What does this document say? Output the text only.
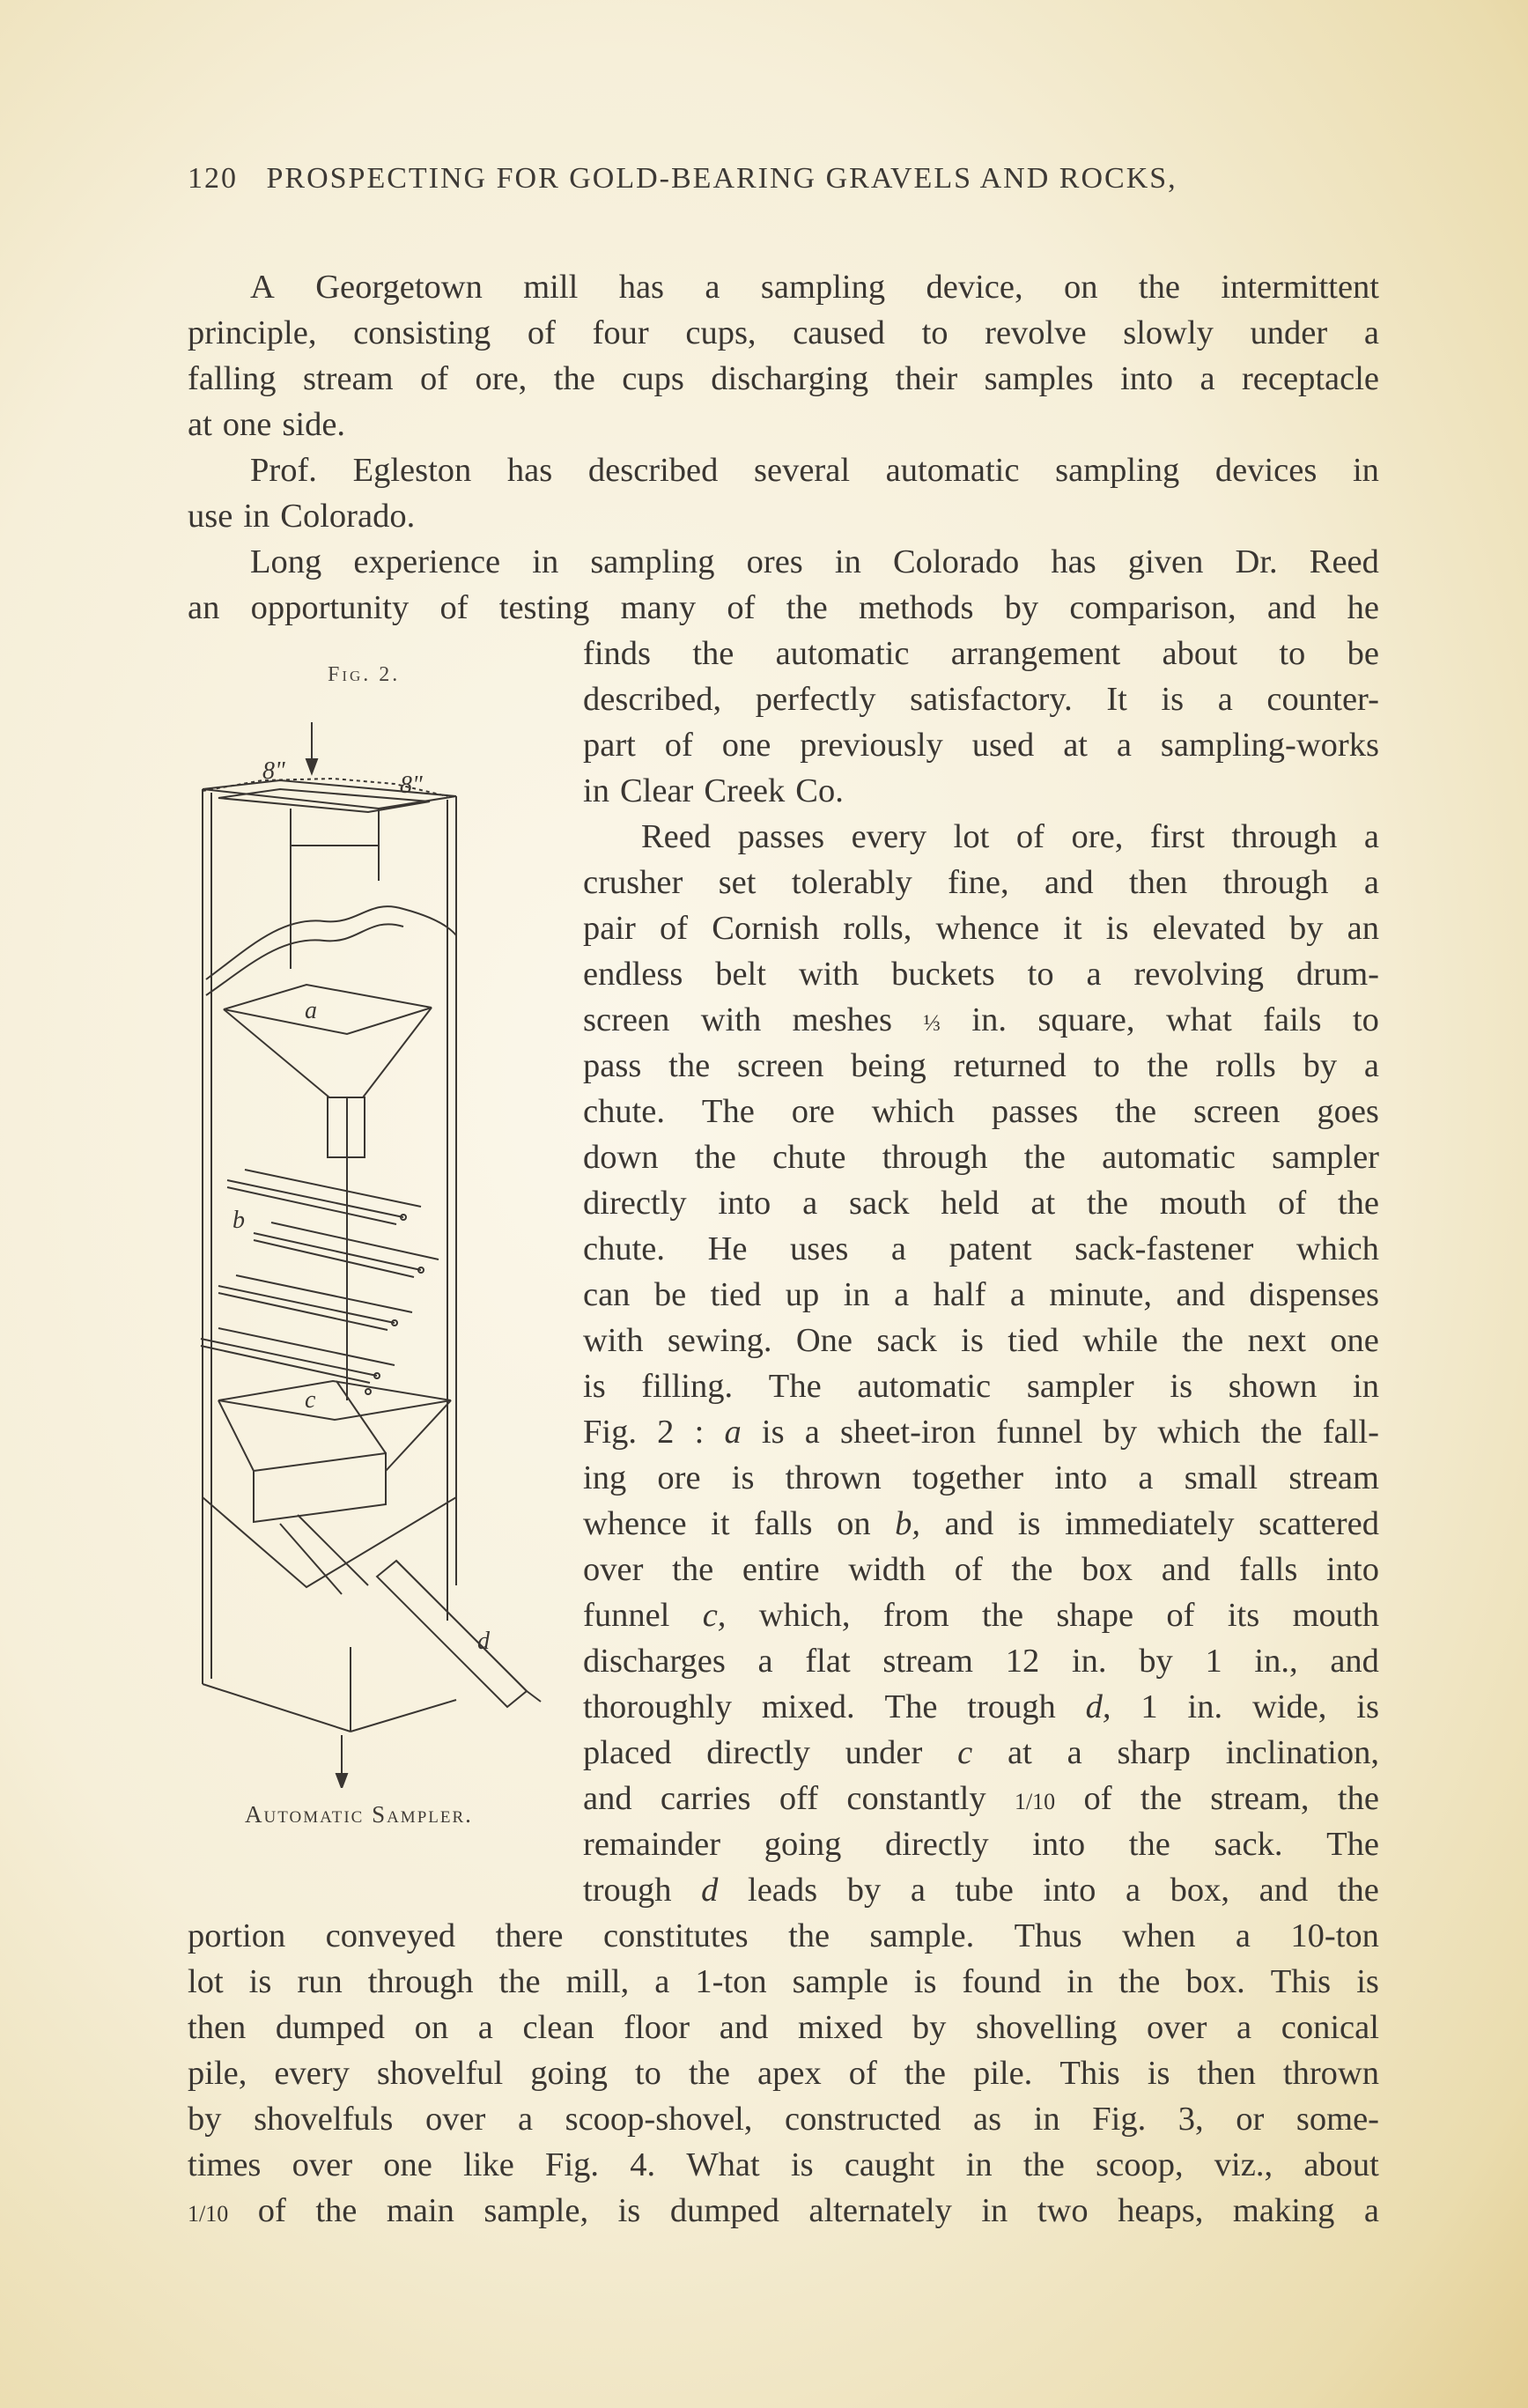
120 PROSPECTING FOR GOLD-BEARING GRAVELS AND ROCKS,
A Georgetown mill has a sampling device, on the intermittent
principle, consisting of four cups, caused to revolve slowly under a
falling stream of ore, the cups discharging their samples into a receptacle
at one side.
Prof. Egleston has described several automatic sampling devices in
use in Colorado.
Long experience in sampling ores in Colorado has given Dr. Reed
an opportunity of testing many of the methods by comparison, and he
finds the automatic arrangement about to be
described, perfectly satisfactory. It is a counter-
part of one previously used at a sampling-works
in Clear Creek Co.
Reed passes every lot of ore, first through a
crusher set tolerably fine, and then through a
pair of Cornish rolls, whence it is elevated by an
endless belt with buckets to a revolving drum-
screen with meshes ⅓ in. square, what fails to
pass the screen being returned to the rolls by a
chute. The ore which passes the screen goes
down the chute through the automatic sampler
directly into a sack held at the mouth of the
chute. He uses a patent sack-fastener which
can be tied up in a half a minute, and dispenses
with sewing. One sack is tied while the next one
is filling. The automatic sampler is shown in
Fig. 2 : a is a sheet-iron funnel by which the fall-
ing ore is thrown together into a small stream
whence it falls on b, and is immediately scattered
over the entire width of the box and falls into
funnel c, which, from the shape of its mouth
discharges a flat stream 12 in. by 1 in., and
thoroughly mixed. The trough d, 1 in. wide, is
placed directly under c at a sharp inclination,
and carries off constantly 1/10 of the stream, the
remainder going directly into the sack. The
trough d leads by a tube into a box, and the
portion conveyed there constitutes the sample. Thus when a 10-ton
lot is run through the mill, a 1-ton sample is found in the box. This is
then dumped on a clean floor and mixed by shovelling over a conical
pile, every shovelful going to the apex of the pile. This is then thrown
by shovelfuls over a scoop-shovel, constructed as in Fig. 3, or some-
times over one like Fig. 4. What is caught in the scoop, viz., about
1/10 of the main sample, is dumped alternately in two heaps, making a
Fig. 2.
8"
8"
a
b
c
d
Automatic Sampler.
